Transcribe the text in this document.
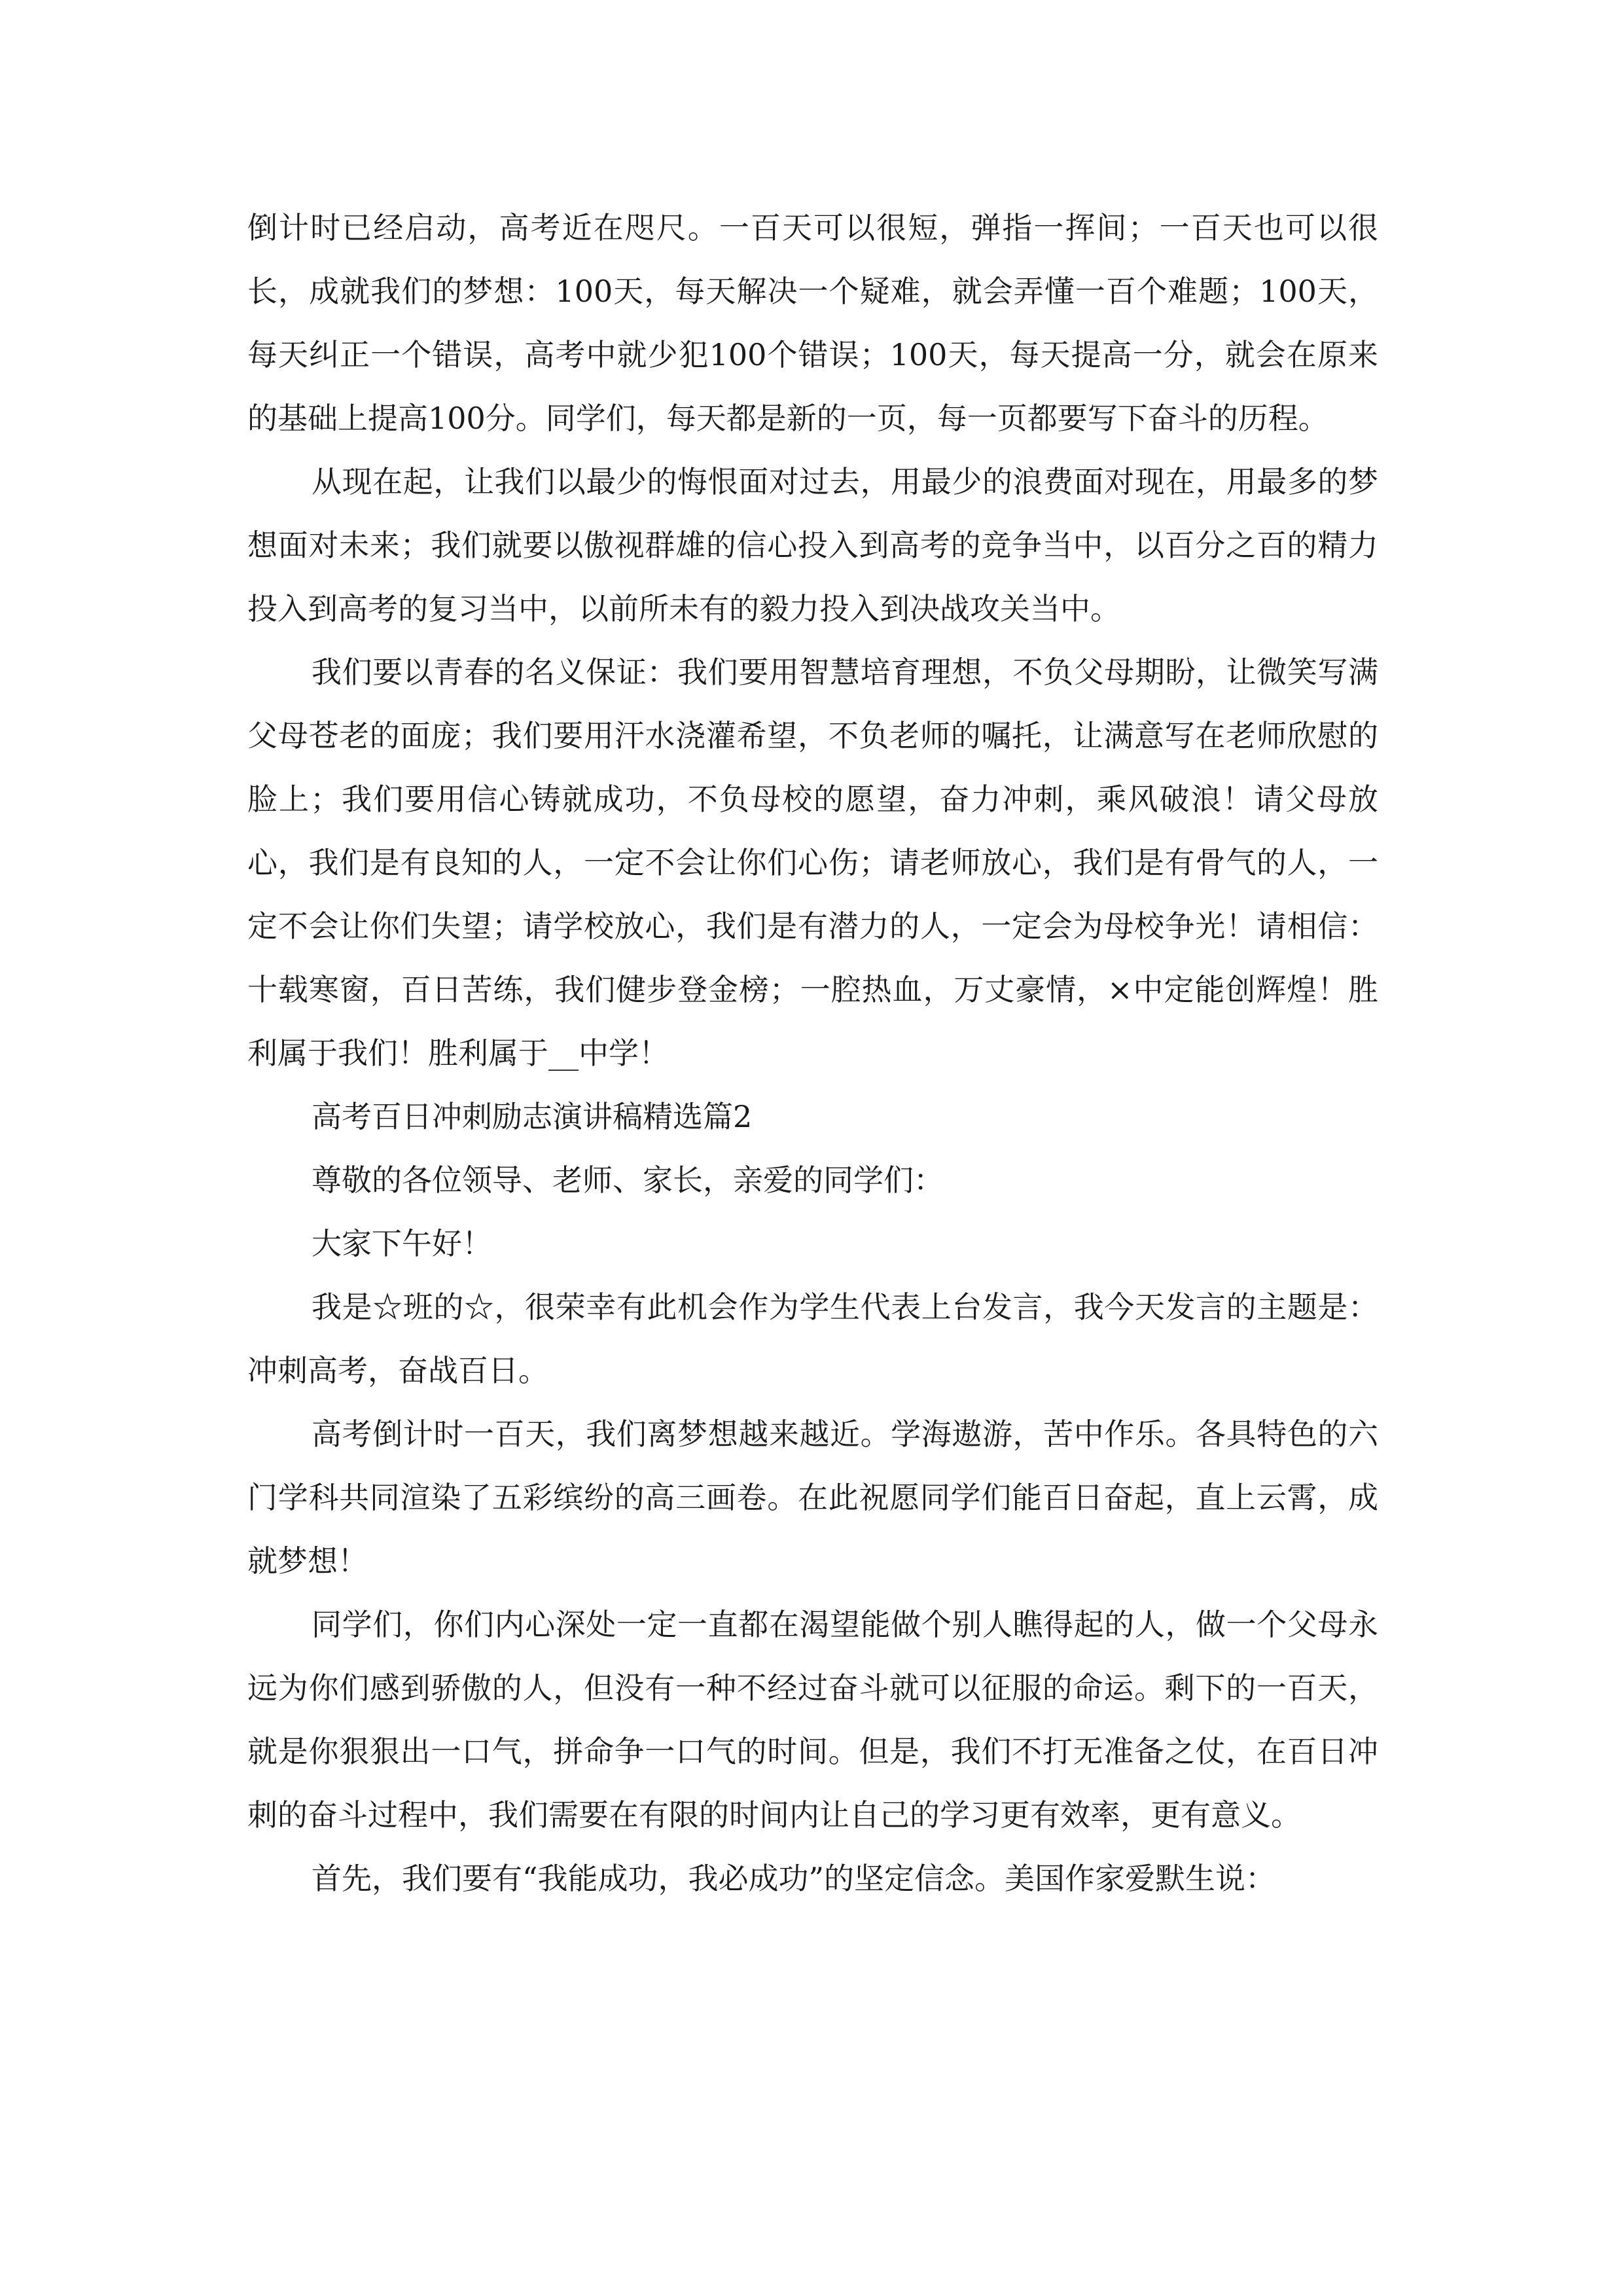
倒计时已经启动，高考近在咫尺。一百天可以很短，弹指一挥间；一百天也可以很长，成就我们的梦想：100天，每天解决一个疑难，就会弄懂一百个难题；100天，每天纠正一个错误，高考中就少犯100个错误；100天，每天提高一分，就会在原来的基础上提高100分。同学们，每天都是新的一页，每一页都要写下奋斗的历程。

从现在起，让我们以最少的悔恨面对过去，用最少的浪费面对现在，用最多的梦想面对未来；我们就要以傲视群雄的信心投入到高考的竞争当中，以百分之百的精力投入到高考的复习当中，以前所未有的毅力投入到决战攻关当中。

我们要以青春的名义保证：我们要用智慧培育理想，不负父母期盼，让微笑写满父母苍老的面庞；我们要用汗水浇灌希望，不负老师的嘱托，让满意写在老师欣慰的脸上；我们要用信心铸就成功，不负母校的愿望，奋力冲刺，乘风破浪！请父母放心，我们是有良知的人，一定不会让你们心伤；请老师放心，我们是有骨气的人，一定不会让你们失望；请学校放心，我们是有潜力的人，一定会为母校争光！请相信：十载寒窗，百日苦练，我们健步登金榜；一腔热血，万丈豪情，×中定能创辉煌！胜利属于我们！胜利属于__中学！

高考百日冲刺励志演讲稿精选篇2

尊敬的各位领导、老师、家长，亲爱的同学们：

大家下午好！

我是☆班的☆，很荣幸有此机会作为学生代表上台发言，我今天发言的主题是：冲刺高考，奋战百日。

高考倒计时一百天，我们离梦想越来越近。学海遨游，苦中作乐。各具特色的六门学科共同渲染了五彩缤纷的高三画卷。在此祝愿同学们能百日奋起，直上云霄，成就梦想！

同学们，你们内心深处一定一直都在渴望能做个别人瞧得起的人，做一个父母永远为你们感到骄傲的人，但没有一种不经过奋斗就可以征服的命运。剩下的一百天，就是你狠狠出一口气，拼命争一口气的时间。但是，我们不打无准备之仗，在百日冲刺的奋斗过程中，我们需要在有限的时间内让自己的学习更有效率，更有意义。

首先，我们要有“我能成功，我必成功”的坚定信念。美国作家爱默生说：
